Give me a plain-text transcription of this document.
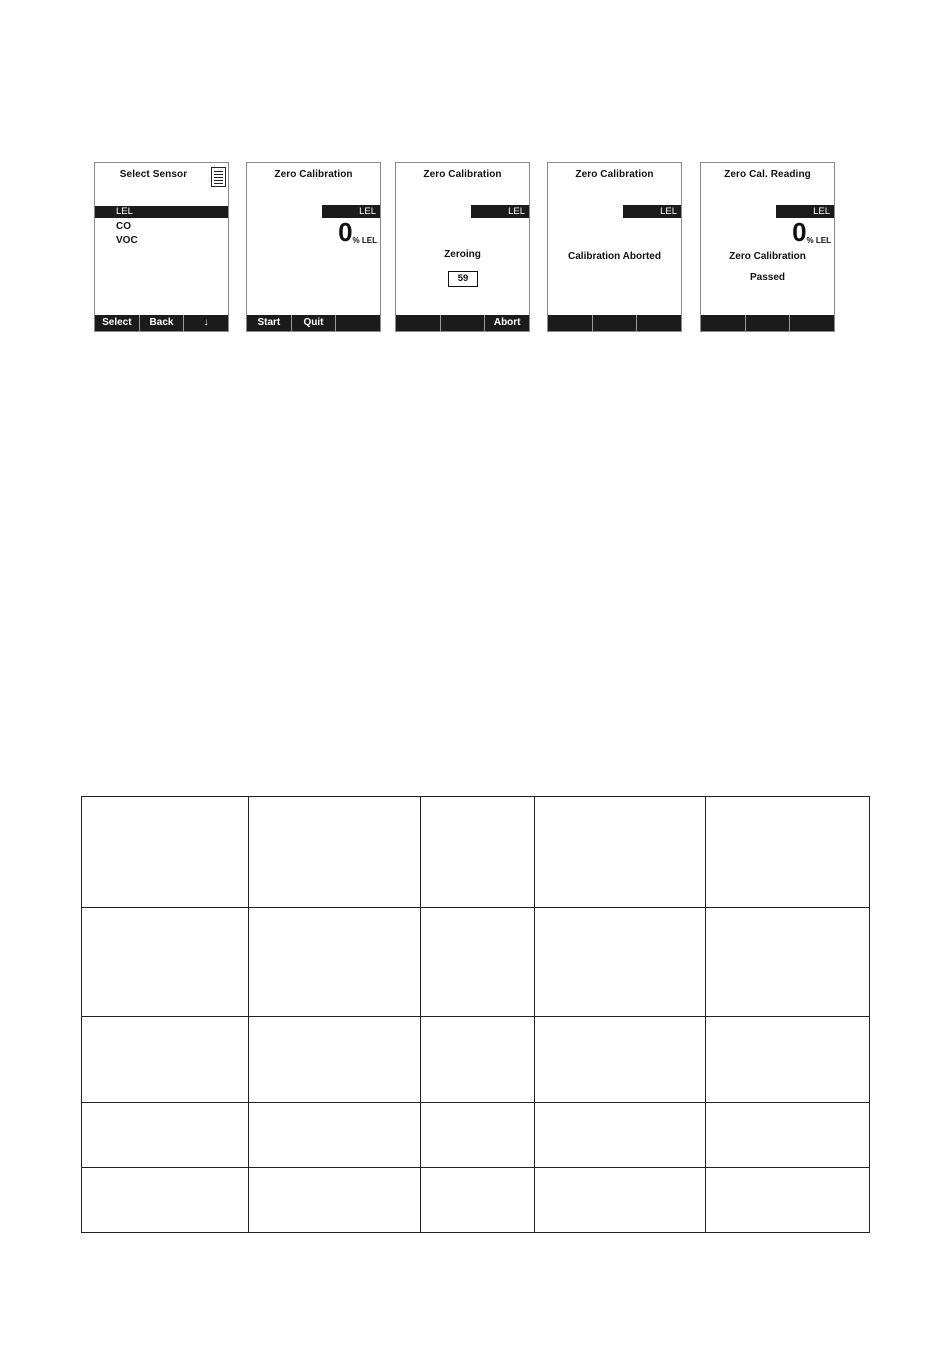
Select Sensor
LEL
CO
VOC
Select	Back	↓
Zero Calibration
LEL
0% LEL
Start	Quit
Zero Calibration
LEL
Zeroing
59
Abort
Zero Calibration
LEL
Calibration Aborted
Zero Cal. Reading
LEL
0% LEL
Zero Calibration
Passed
